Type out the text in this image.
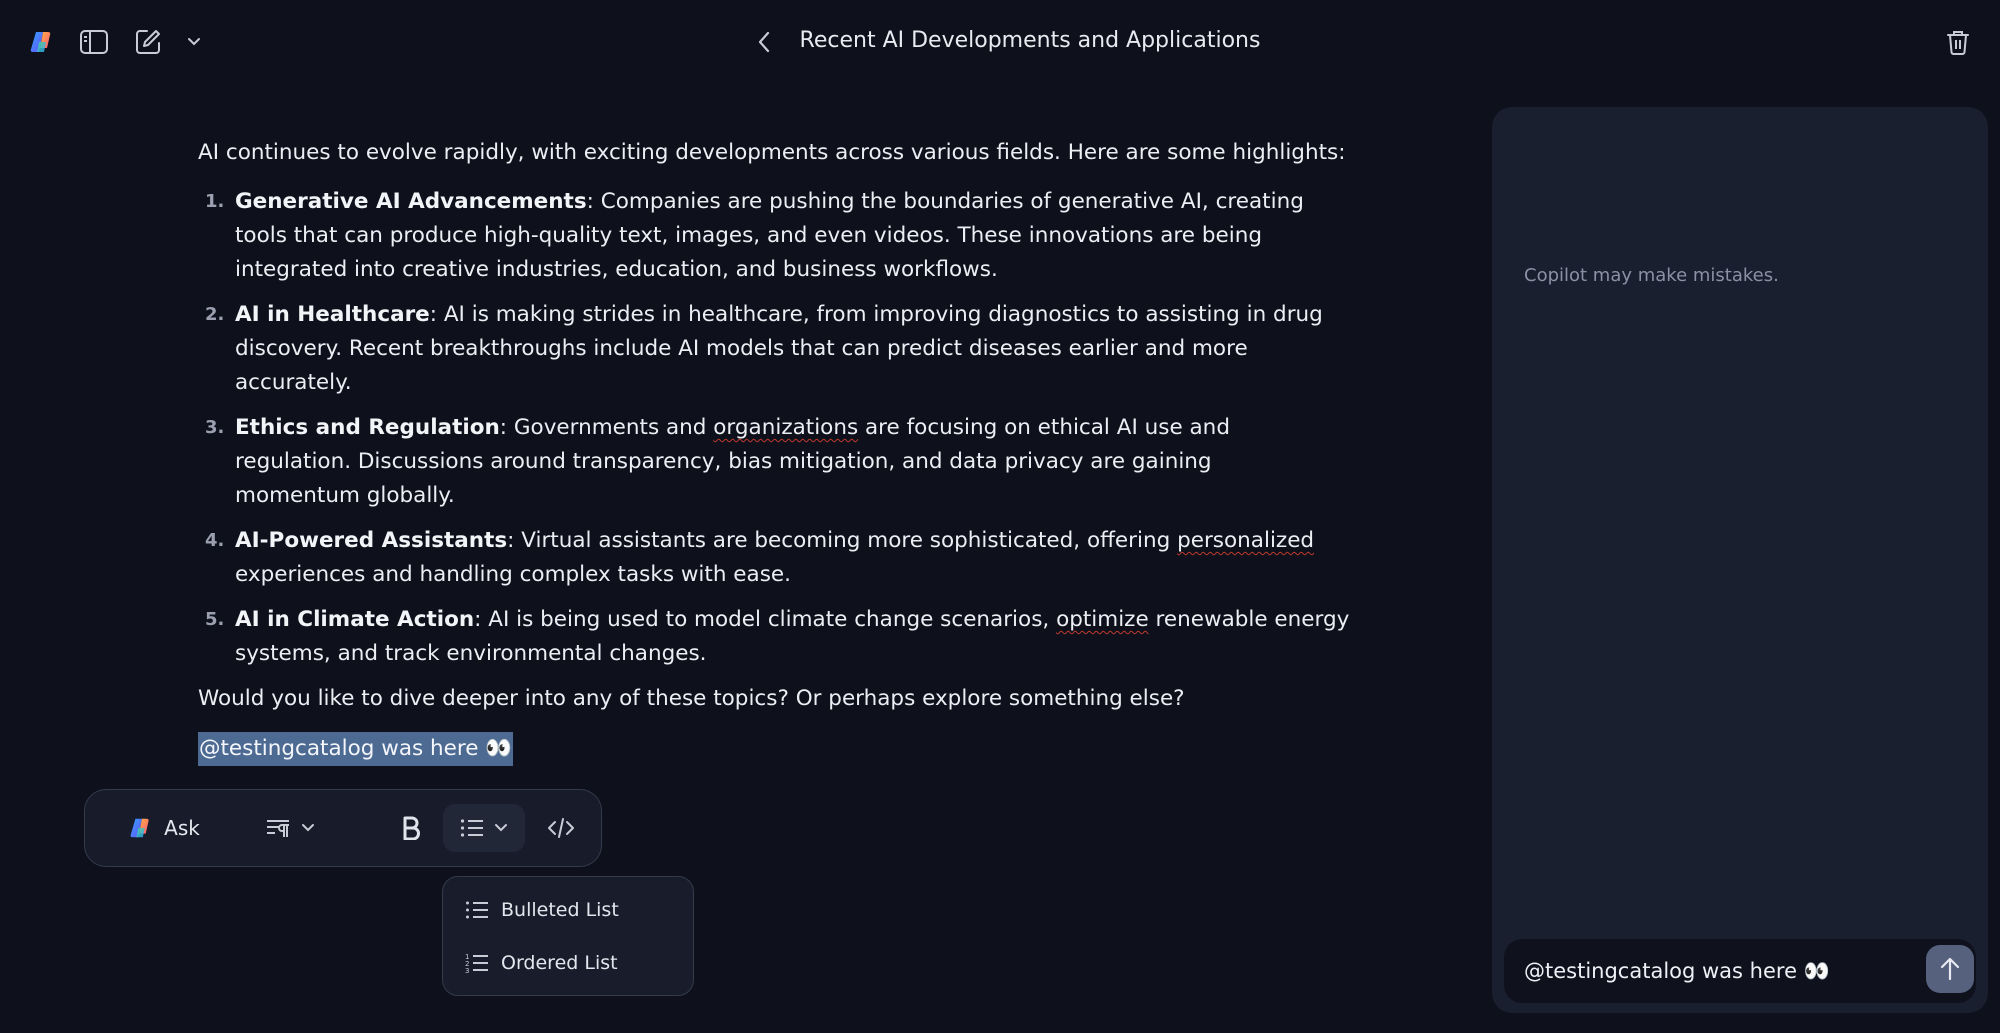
Recent AI Developments and Applications

AI continues to evolve rapidly, with exciting developments across various fields. Here are some highlights:

1. Generative AI Advancements: Companies are pushing the boundaries of generative AI, creating
tools that can produce high-quality text, images, and even videos. These innovations are being
integrated into creative industries, education, and business workflows.
2. AI in Healthcare: AI is making strides in healthcare, from improving diagnostics to assisting in drug
discovery. Recent breakthroughs include AI models that can predict diseases earlier and more
accurately.
3. Ethics and Regulation: Governments and organizations are focusing on ethical AI use and
regulation. Discussions around transparency, bias mitigation, and data privacy are gaining
momentum globally.
4. AI-Powered Assistants: Virtual assistants are becoming more sophisticated, offering personalized
experiences and handling complex tasks with ease.
5. AI in Climate Action: AI is being used to model climate change scenarios, optimize renewable energy
systems, and track environmental changes.

Would you like to dive deeper into any of these topics? Or perhaps explore something else?

@testingcatalog was here 👀
Ask
Bulleted List
1
2
3 Ordered List
Copilot may make mistakes.
@testingcatalog was here 👀
